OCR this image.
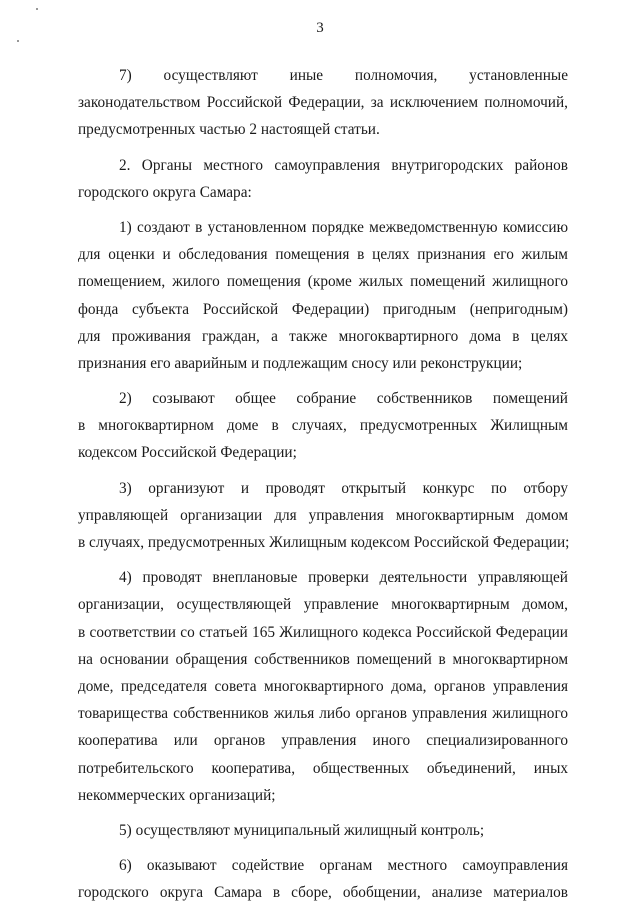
3
7) осуществляют иные полномочия, установленные
законодательством Российской Федерации, за исключением полномочий,
предусмотренных частью 2 настоящей статьи.
2. Органы местного самоуправления внутригородских районов
городского округа Самара:
1) создают в установленном порядке межведомственную комиссию
для оценки и обследования помещения в целях признания его жилым
помещением, жилого помещения (кроме жилых помещений жилищного
фонда субъекта Российской Федерации) пригодным (непригодным)
для проживания граждан, а также многоквартирного дома в целях
признания его аварийным и подлежащим сносу или реконструкции;
2) созывают общее собрание собственников помещений
в многоквартирном доме в случаях, предусмотренных Жилищным
кодексом Российской Федерации;
3) организуют и проводят открытый конкурс по отбору
управляющей организации для управления многоквартирным домом
в случаях, предусмотренных Жилищным кодексом Российской Федерации;
4) проводят внеплановые проверки деятельности управляющей
организации, осуществляющей управление многоквартирным домом,
в соответствии со статьей 165 Жилищного кодекса Российской Федерации
на основании обращения собственников помещений в многоквартирном
доме, председателя совета многоквартирного дома, органов управления
товарищества собственников жилья либо органов управления жилищного
кооператива или органов управления иного специализированного
потребительского кооператива, общественных объединений, иных
некоммерческих организаций;
5) осуществляют муниципальный жилищный контроль;
6) оказывают содействие органам местного самоуправления
городского округа Самара в сборе, обобщении, анализе материалов
